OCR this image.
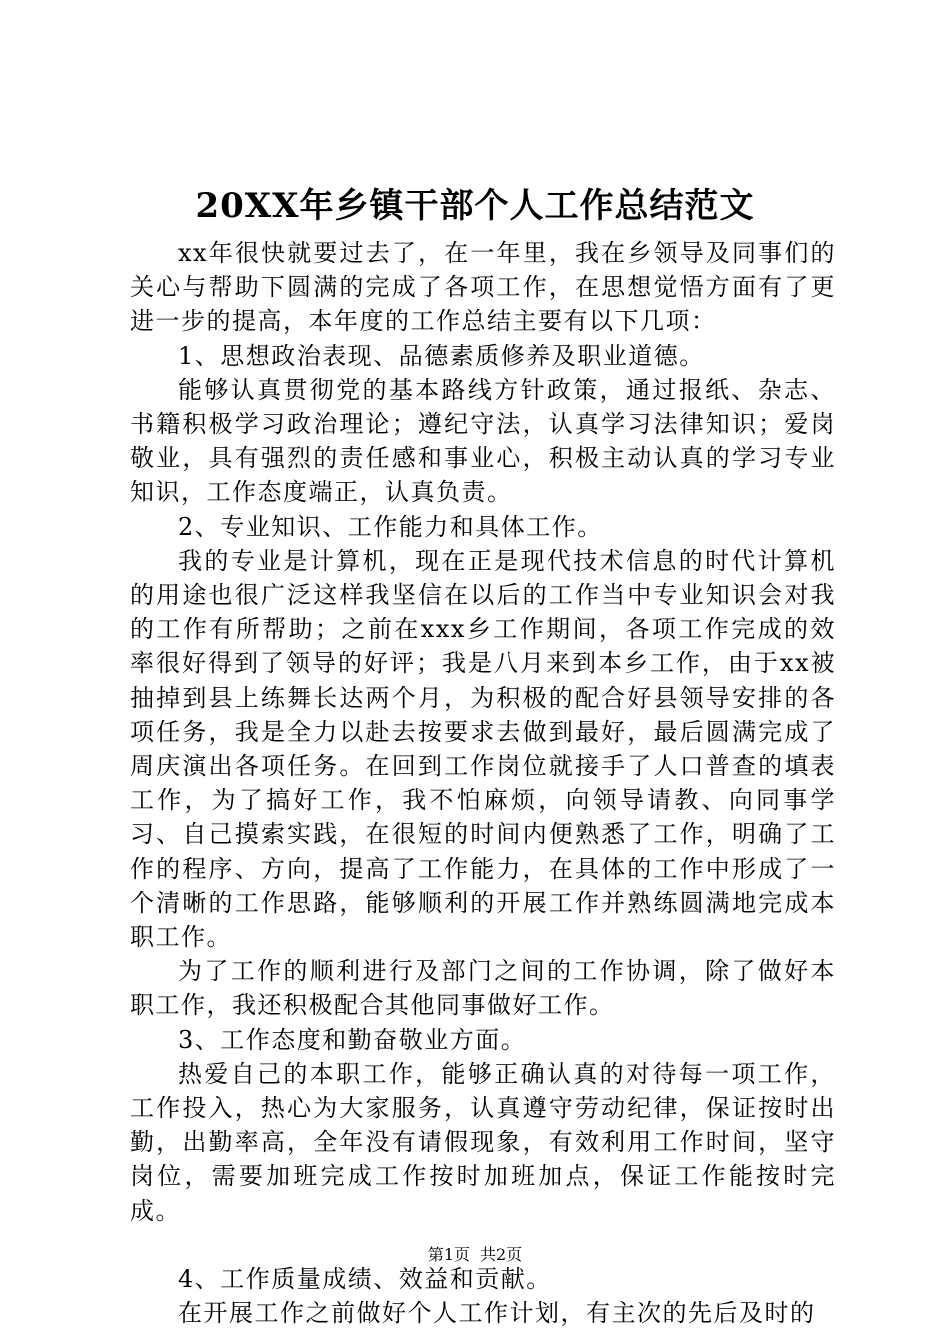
20XX年乡镇干部个人工作总结范文

xx年很快就要过去了，在一年里，我在乡领导及同事们的关心与帮助下圆满的完成了各项工作，在思想觉悟方面有了更进一步的提高，本年度的工作总结主要有以下几项：

1、思想政治表现、品德素质修养及职业道德。

能够认真贯彻党的基本路线方针政策，通过报纸、杂志、书籍积极学习政治理论；遵纪守法，认真学习法律知识；爱岗敬业，具有强烈的责任感和事业心，积极主动认真的学习专业知识，工作态度端正，认真负责。

2、专业知识、工作能力和具体工作。

我的专业是计算机，现在正是现代技术信息的时代计算机的用途也很广泛这样我坚信在以后的工作当中专业知识会对我的工作有所帮助；之前在xxx乡工作期间，各项工作完成的效率很好得到了领导的好评；我是八月来到本乡工作，由于xx被抽掉到县上练舞长达两个月，为积极的配合好县领导安排的各项任务，我是全力以赴去按要求去做到最好，最后圆满完成了周庆演出各项任务。在回到工作岗位就接手了人口普查的填表工作，为了搞好工作，我不怕麻烦，向领导请教、向同事学习、自己摸索实践，在很短的时间内便熟悉了工作，明确了工作的程序、方向，提高了工作能力，在具体的工作中形成了一个清晰的工作思路，能够顺利的开展工作并熟练圆满地完成本职工作。

为了工作的顺利进行及部门之间的工作协调，除了做好本职工作，我还积极配合其他同事做好工作。

3、工作态度和勤奋敬业方面。

热爱自己的本职工作，能够正确认真的对待每一项工作，工作投入，热心为大家服务，认真遵守劳动纪律，保证按时出勤，出勤率高，全年没有请假现象，有效利用工作时间，坚守岗位，需要加班完成工作按时加班加点，保证工作能按时完成。

4、工作质量成绩、效益和贡献。

在开展工作之前做好个人工作计划，有主次的先后及时的

第1页 共2页
